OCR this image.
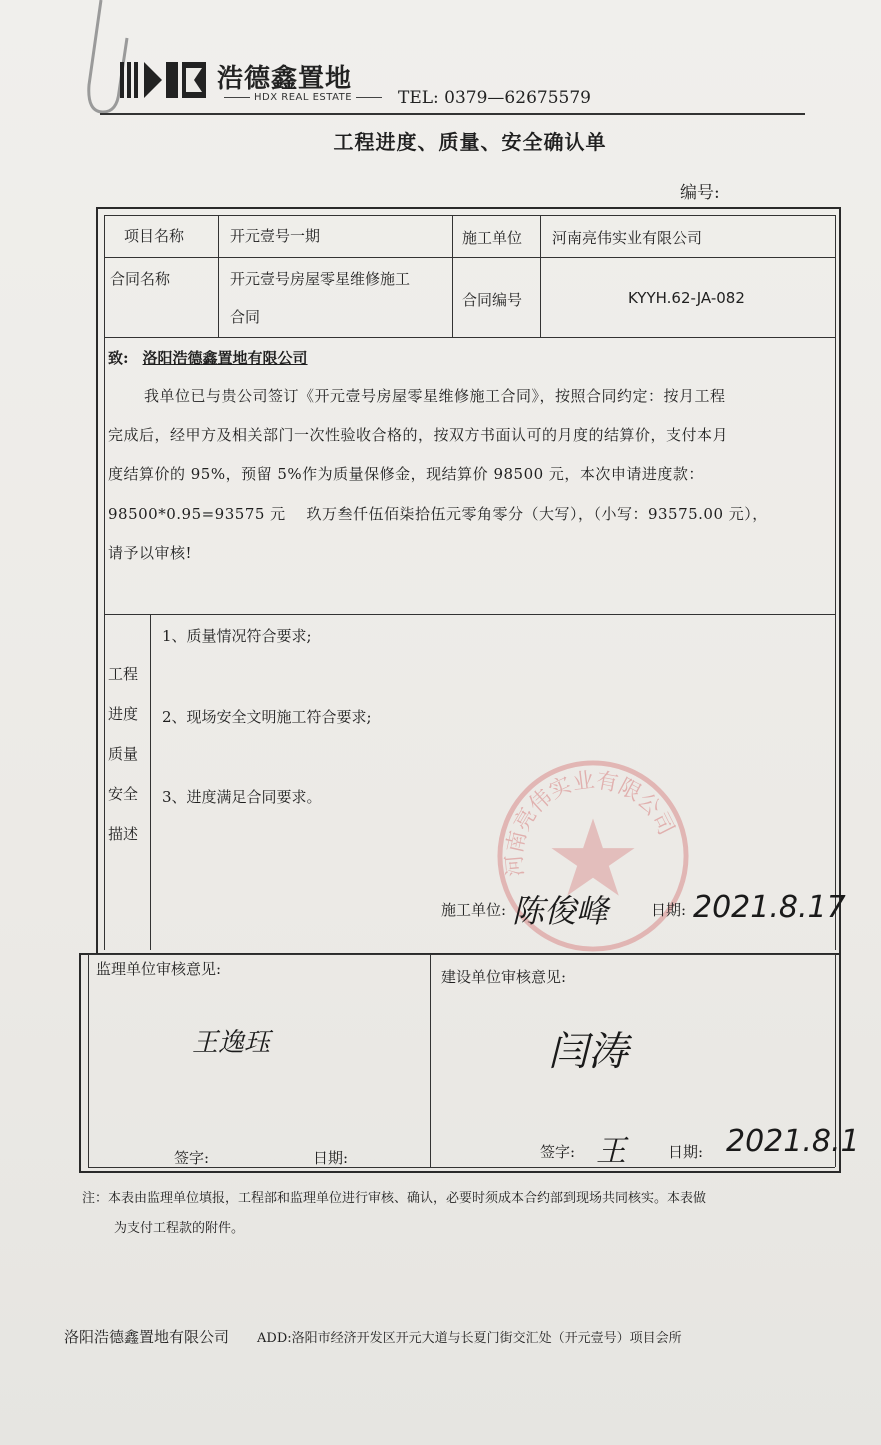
浩德鑫置地
HDX REAL ESTATE	TEL: 0379—62675579
工程进度、质量、安全确认单
编号:
项目名称	开元壹号一期	施工单位 河南亮伟实业有限公司
合同名称	开元壹号房屋零星维修施工
合同
合同编号	KYYH.62-JA-082
致: 洛阳浩德鑫置地有限公司
我单位已与贵公司签订《开元壹号房屋零星维修施工合同》，按照合同约定：按月工程
完成后，经甲方及相关部门一次性验收合格的，按双方书面认可的月度的结算价，支付本月
度结算价的 95%，预留 5%作为质量保修金，现结算价 98500 元，本次申请进度款：
98500*0.95=93575 元　 玖万叁仟伍佰柒拾伍元零角零分（大写），（小写：93575.00 元），
请予以审核!
工程
进度
质量
安全
描述
1、质量情况符合要求;
2、现场安全文明施工符合要求;
3、进度满足合同要求。
河南亮伟实业有限公司
施工单位: 陈俊峰	日期: 2021.8.17
监理单位审核意见:
王逸珏
签字:	日期:
建设单位审核意见:
闫涛
签字: 王	日期: 2021.8.1
注：本表由监理单位填报，工程部和监理单位进行审核、确认，必要时须成本合约部到现场共同核实。本表做
为支付工程款的附件。
洛阳浩德鑫置地有限公司 ADD:洛阳市经济开发区开元大道与长夏门街交汇处（开元壹号）项目会所
